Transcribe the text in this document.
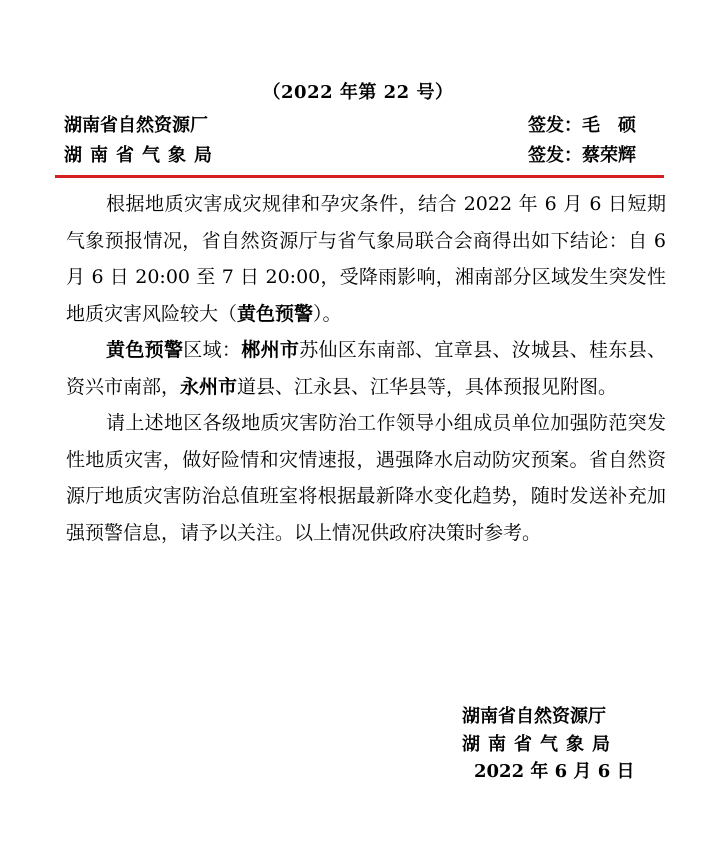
（2022 年第 22 号）
湖南省自然资源厂	签发：毛　硕
湖南省气象局	签发：蔡荣辉

根据地质灾害成灾规律和孕灾条件，结合 2022 年 6 月 6 日短期气象预报情况，省自然资源厅与省气象局联合会商得出如下结论：自 6 月 6 日 20:00 至 7 日 20:00，受降雨影响，湘南部分区域发生突发性地质灾害风险较大（黄色预警）。

黄色预警区域：郴州市苏仙区东南部、宜章县、汝城县、桂东县、资兴市南部，永州市道县、江永县、江华县等，具体预报见附图。

请上述地区各级地质灾害防治工作领导小组成员单位加强防范突发性地质灾害，做好险情和灾情速报，遇强降水启动防灾预案。省自然资源厅地质灾害防治总值班室将根据最新降水变化趋势，随时发送补充加强预警信息，请予以关注。以上情况供政府决策时参考。

湖南省自然资源厅
湖南省气象局
2022 年 6 月 6 日
